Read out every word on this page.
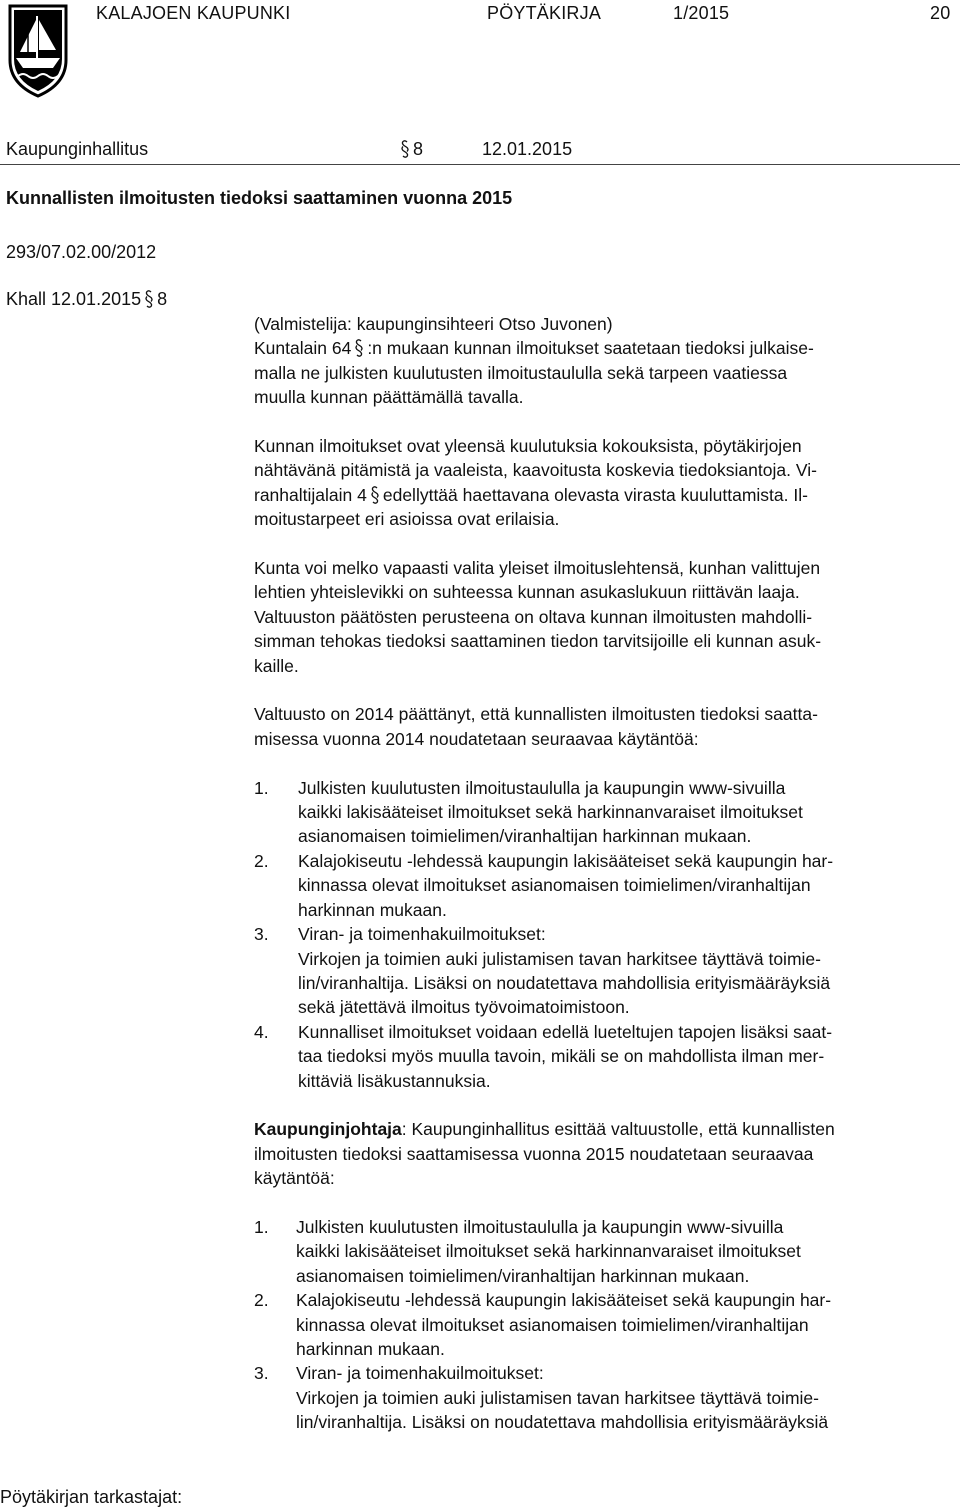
KALAJOEN KAUPUNKI	PÖYTÄKIRJA	1/2015	20
Kaupunginhallitus	8	12.01.2015
Kunnallisten ilmoitusten tiedoksi saattaminen vuonna 2015
293/07.02.00/2012
Khall 12.01.2015 8

(Valmistelija: kaupunginsihteeri Otso Juvonen)
Kuntalain 64 :n mukaan kunnan ilmoitukset saatetaan tiedoksi julkaise-
malla ne julkisten kuulutusten ilmoitustaululla sekä tarpeen vaatiessa
muulla kunnan päättämällä tavalla.

Kunnan ilmoitukset ovat yleensä kuulutuksia kokouksista, pöytäkirjojen
nähtävänä pitämistä ja vaaleista, kaavoitusta koskevia tiedoksiantoja. Vi-
ranhaltijalain 4 edellyttää haettavana olevasta virasta kuuluttamista. Il-
moitustarpeet eri asioissa ovat erilaisia.

Kunta voi melko vapaasti valita yleiset ilmoituslehtensä, kunhan valittujen
lehtien yhteislevikki on suhteessa kunnan asukaslukuun riittävän laaja.
Valtuuston päätösten perusteena on oltava kunnan ilmoitusten mahdolli-
simman tehokas tiedoksi saattaminen tiedon tarvitsijoille eli kunnan asuk-
kaille.

Valtuusto on 2014 päättänyt, että kunnallisten ilmoitusten tiedoksi saatta-
misessa vuonna 2014 noudatetaan seuraavaa käytäntöä:

1.	Julkisten kuulutusten ilmoitustaululla ja kaupungin www-sivuilla
kaikki lakisääteiset ilmoitukset sekä harkinnanvaraiset ilmoitukset
asianomaisen toimielimen/viranhaltijan harkinnan mukaan.
2.	Kalajokiseutu -lehdessä kaupungin lakisääteiset sekä kaupungin har-
kinnassa olevat ilmoitukset asianomaisen toimielimen/viranhaltijan
harkinnan mukaan.
3.	Viran- ja toimenhakuilmoitukset:
Virkojen ja toimien auki julistamisen tavan harkitsee täyttävä toimie-
lin/viranhaltija. Lisäksi on noudatettava mahdollisia erityismääräyksiä
sekä jätettävä ilmoitus työvoimatoimistoon.
4.	Kunnalliset ilmoitukset voidaan edellä lueteltujen tapojen lisäksi saat-
taa tiedoksi myös muulla tavoin, mikäli se on mahdollista ilman mer-
kittäviä lisäkustannuksia.

Kaupunginjohtaja: Kaupunginhallitus esittää valtuustolle, että kunnallisten
ilmoitusten tiedoksi saattamisessa vuonna 2015 noudatetaan seuraavaa
käytäntöä:

1.	Julkisten kuulutusten ilmoitustaululla ja kaupungin www-sivuilla
kaikki lakisääteiset ilmoitukset sekä harkinnanvaraiset ilmoitukset
asianomaisen toimielimen/viranhaltijan harkinnan mukaan.
2.	Kalajokiseutu -lehdessä kaupungin lakisääteiset sekä kaupungin har-
kinnassa olevat ilmoitukset asianomaisen toimielimen/viranhaltijan
harkinnan mukaan.
3.	Viran- ja toimenhakuilmoitukset:
Virkojen ja toimien auki julistamisen tavan harkitsee täyttävä toimie-
lin/viranhaltija. Lisäksi on noudatettava mahdollisia erityismääräyksiä
Pöytäkirjan tarkastajat:
